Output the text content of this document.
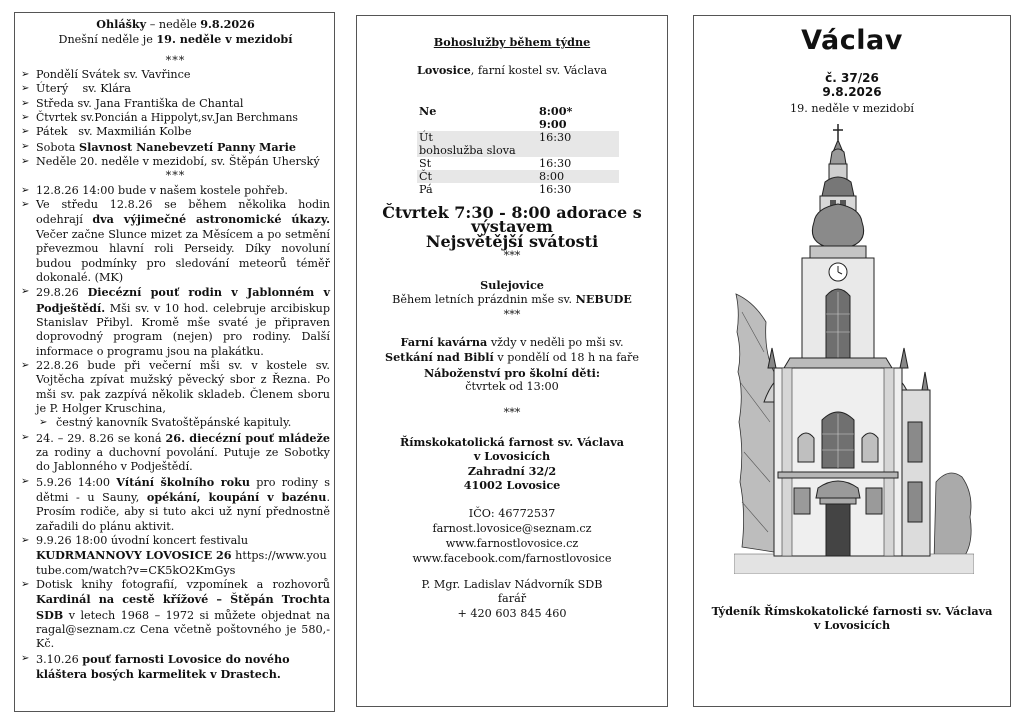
Ohlášky – neděle 9.8.2026
Dnešní neděle je 19. neděle v mezidobí
***
➢ Pondělí Svátek sv. Vavřince
➢ Úterý    sv. Klára
➢ Středa sv. Jana Františka de Chantal
➢ Čtvrtek sv.Poncián a Hippolyt,sv.Jan Berchmans
➢ Pátek   sv. Maxmilián Kolbe
➢ Sobota Slavnost Nanebevzetí Panny Marie
➢ Neděle 20. neděle v mezidobí, sv. Štěpán Uherský
***
➢ 12.8.26 14:00 bude v našem kostele pohřeb.
➢ Ve středu 12.8.26 se během několika hodin odehrají dva výjimečné astronomické úkazy. Večer začne Slunce mizet za Měsícem a po setmění převezmou hlavní roli Perseidy. Díky novoluní budou podmínky pro sledování meteorů téměř dokonalé. (MK)
➢ 29.8.26 Diecézní pouť rodin v Jablonném v Podještědí. Mši sv. v 10 hod. celebruje arcibiskup Stanislav Přibyl. Kromě mše svaté je připraven doprovodný program (nejen) pro rodiny. Další informace o programu jsou na plakátku.
➢ 22.8.26 bude při večerní mši sv. v kostele sv. Vojtěcha zpívat mužský pěvecký sbor z Řezna. Po mši sv. pak zazpívá několik skladeb. Členem sboru je P. Holger Kruschina,
➢ čestný kanovník Svatoštěpánské kapituly.
➢ 24. – 29. 8.26 se koná 26. diecézní pouť mládeže za rodiny a duchovní povolání. Putuje ze Sobotky do Jablonného v Podještědí.
➢ 5.9.26 14:00 Vítání školního roku pro rodiny s dětmi - u Sauny, opékání, koupání v bazénu. Prosím rodiče, aby si tuto akci už nyní přednostně zařadili do plánu aktivit.
➢ 9.9.26 18:00 úvodní koncert festivalu KUDRMANNOVY LOVOSICE 26 https://www.youtube.com/watch?v=CK5kO2KmGys
➢ Dotisk knihy fotografií, vzpomínek a rozhovorů Kardinál na cestě křížové – Štěpán Trochta SDB v letech 1968 – 1972 si můžete objednat na ragal@seznam.cz Cena včetně poštovného je 580,- Kč.
➢ 3.10.26 pouť farnosti Lovosice do nového kláštera bosých karmelitek v Drastech.
Bohoslužby během týdne
Lovosice, farní kostel sv. Václava
Ne	8:00*
	9:00
Út	16:30
bohoslužba slova	
St	16:30
Čt	8:00
Pá	16:30
Čtvrtek 7:30 - 8:00 adorace s výstavem
Nejsvětější svátosti
***
Sulejovice
Během letních prázdnin mše sv. NEBUDE
***
Farní kavárna vždy v neděli po mši sv.
Setkání nad Biblí v pondělí od 18 h na faře
Náboženství pro školní děti:
čtvrtek od 13:00
***
Římskokatolická farnost sv. Václava
v Lovosicích
Zahradní 32/2
41002 Lovosice
IČO: 46772537
farnost.lovosice@seznam.cz
www.farnostlovosice.cz
www.facebook.com/farnostlovosice
P. Mgr. Ladislav Nádvorník SDB
farář
+ 420 603 845 460
Václav
č. 37/26
9.8.2026
19. neděle v mezidobí
Týdeník Římskokatolické farnosti sv. Václava
v Lovosicích
